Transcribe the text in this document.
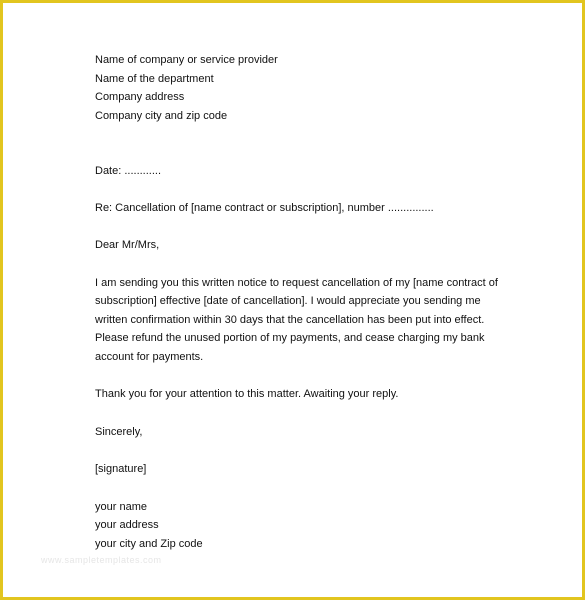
Name of company or service provider
Name of the department
Company address
Company city and zip code
Date: ............
Re: Cancellation of [name contract or subscription], number ...............
Dear Mr/Mrs,
I am sending you this written notice to request cancellation of my [name contract of
subscription] effective [date of cancellation]. I would appreciate you sending me
written confirmation within 30 days that the cancellation has been put into effect.
Please refund the unused portion of my payments, and cease charging my bank
account for payments.
Thank you for your attention to this matter. Awaiting your reply.
Sincerely,
[signature]
your name
your address
your city and Zip code
www.sampletemplates.com
